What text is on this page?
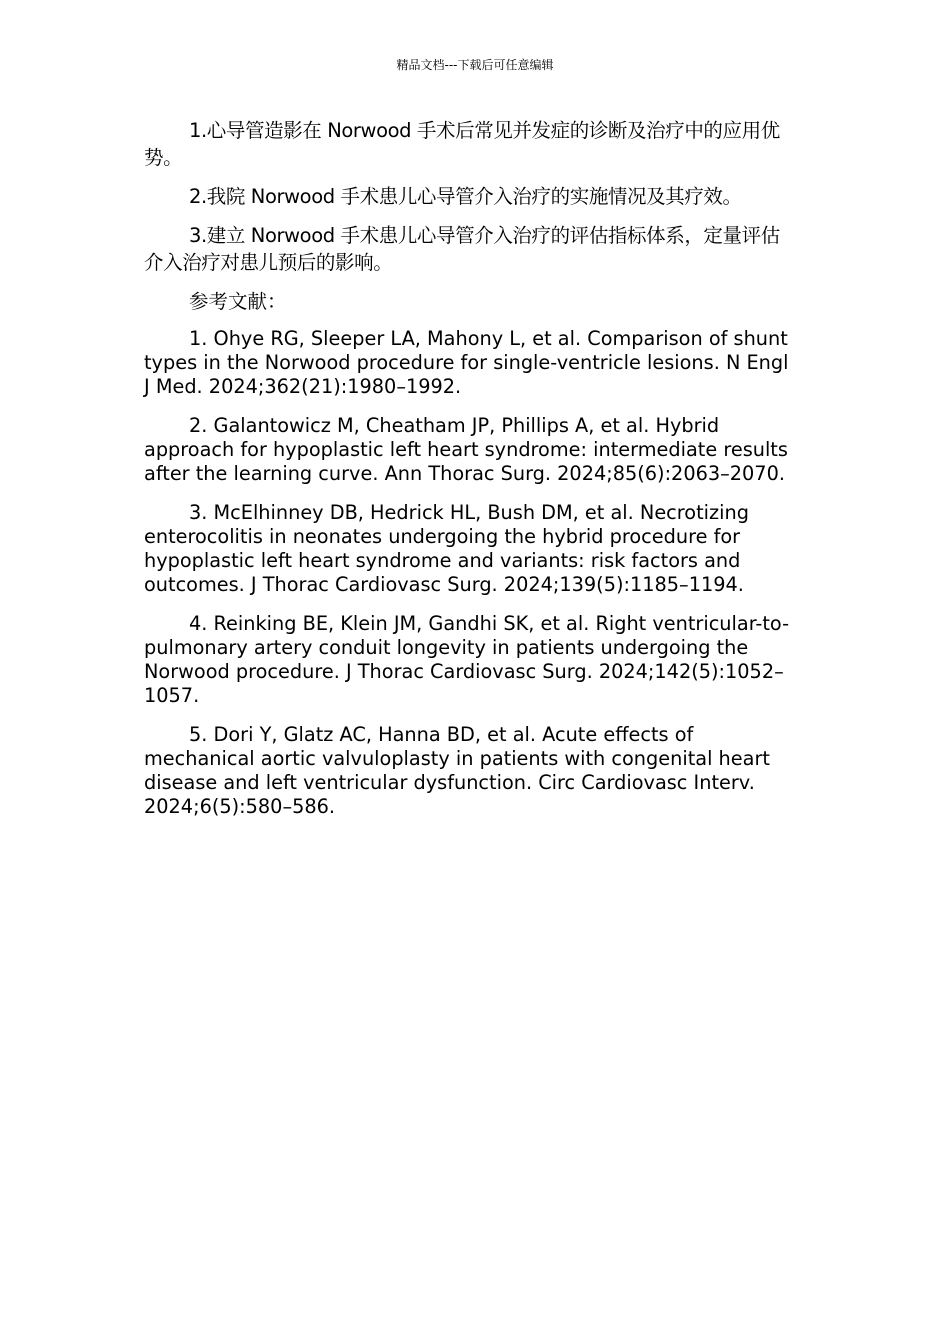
精品文档---下载后可任意编辑

1.心导管造影在 Norwood 手术后常见并发症的诊断及治疗中的应用优势。

2.我院 Norwood 手术患儿心导管介入治疗的实施情况及其疗效。

3.建立 Norwood 手术患儿心导管介入治疗的评估指标体系，定量评估介入治疗对患儿预后的影响。

参考文献：

1. Ohye RG, Sleeper LA, Mahony L, et al. Comparison of shunt types in the Norwood procedure for single-ventricle lesions. N Engl J Med. 2024;362(21):1980–1992.

2. Galantowicz M, Cheatham JP, Phillips A, et al. Hybrid approach for hypoplastic left heart syndrome: intermediate results after the learning curve. Ann Thorac Surg. 2024;85(6):2063–2070.

3. McElhinney DB, Hedrick HL, Bush DM, et al. Necrotizing enterocolitis in neonates undergoing the hybrid procedure for hypoplastic left heart syndrome and variants: risk factors and outcomes. J Thorac Cardiovasc Surg. 2024;139(5):1185–1194.

4. Reinking BE, Klein JM, Gandhi SK, et al. Right ventricular-to-pulmonary artery conduit longevity in patients undergoing the Norwood procedure. J Thorac Cardiovasc Surg. 2024;142(5):1052–1057.

5. Dori Y, Glatz AC, Hanna BD, et al. Acute effects of mechanical aortic valvuloplasty in patients with congenital heart disease and left ventricular dysfunction. Circ Cardiovasc Interv. 2024;6(5):580–586.
